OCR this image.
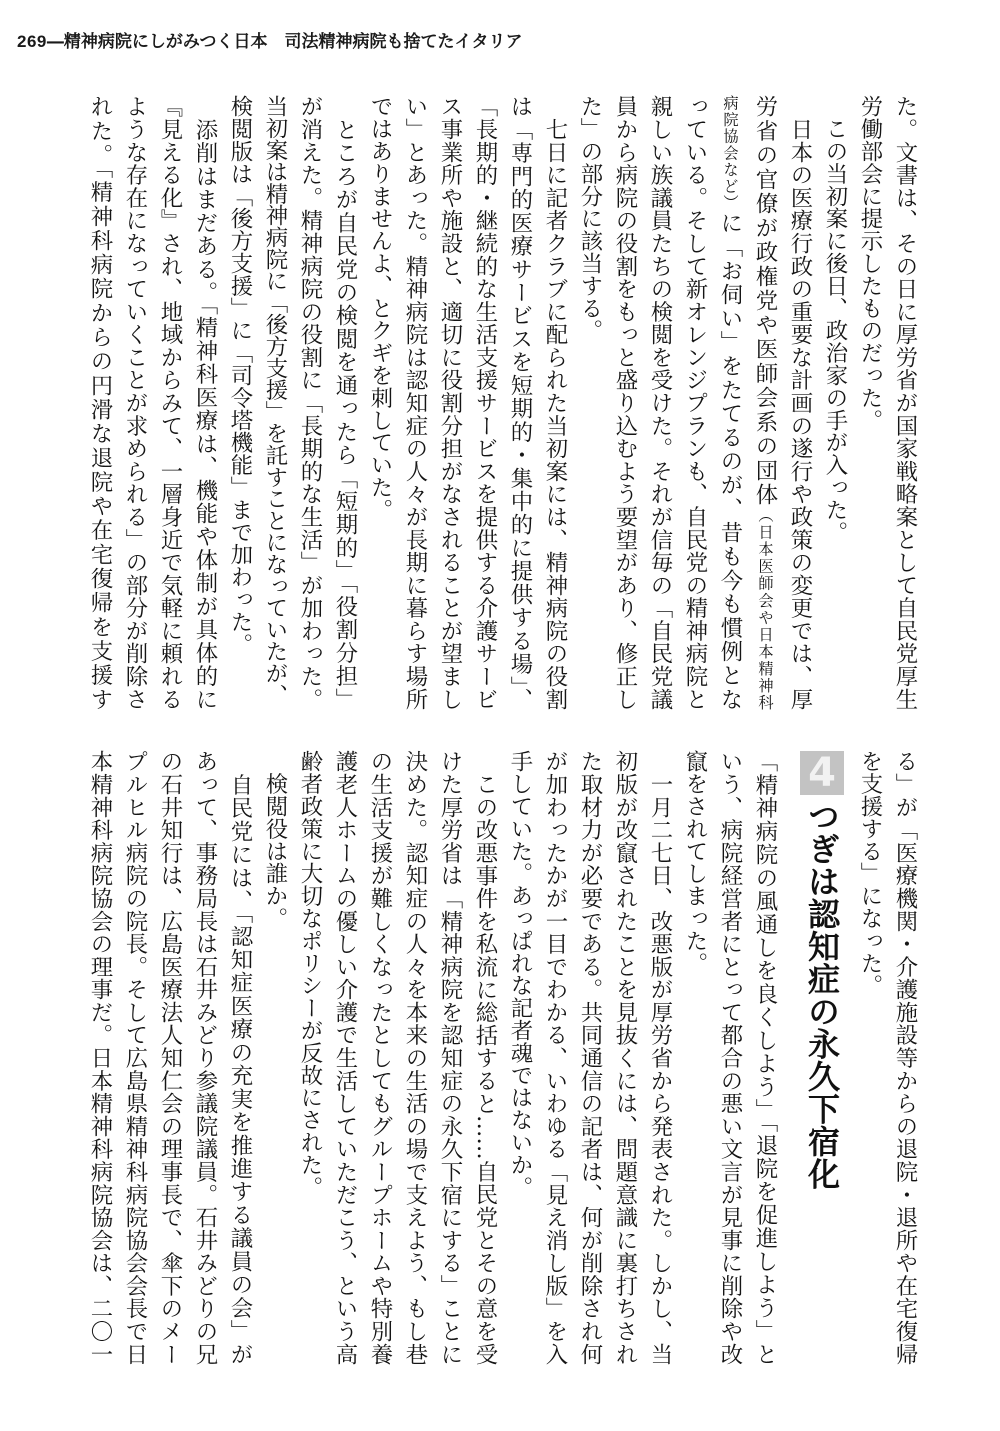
269―精神病院にしがみつく日本　司法精神病院も捨てたイタリア
た。文書は、その日に厚労省が国家戦略案として自民党厚生
労働部会に提示したものだった。
　この当初案に後日、政治家の手が入った。
　日本の医療行政の重要な計画の遂行や政策の変更では、厚
労省の官僚が政権党や医師会系の団体（日本医師会や日本精神科
病院協会など）に「お伺い」をたてるのが、昔も今も慣例とな
っている。そして新オレンジプランも、自民党の精神病院と
親しい族議員たちの検閲を受けた。それが信毎の「自民党議
員から病院の役割をもっと盛り込むよう要望があり、修正し
た」の部分に該当する。
　七日に記者クラブに配られた当初案には、精神病院の役割
は「専門的医療サービスを短期的・集中的に提供する場」、
「長期的・継続的な生活支援サービスを提供する介護サービ
ス事業所や施設と、適切に役割分担がなされることが望まし
い」とあった。精神病院は認知症の人々が長期に暮らす場所
ではありませんよ、とクギを刺していた。
　ところが自民党の検閲を通ったら「短期的」「役割分担」
が消えた。精神病院の役割に「長期的な生活」が加わった。
当初案は精神病院に「後方支援」を託すことになっていたが、
検閲版は「後方支援」に「司令塔機能」まで加わった。
　添削はまだある。「精神科医療は、機能や体制が具体的に
『見える化』され、地域からみて、一層身近で気軽に頼れる
ような存在になっていくことが求められる」の部分が削除さ
れた。「精神科病院からの円滑な退院や在宅復帰を支援す
る」が「医療機関・介護施設等からの退院・退所や在宅復帰
を支援する」になった。
4
つぎは認知症の永久下宿化
「精神病院の風通しを良くしよう」「退院を促進しよう」と
いう、病院経営者にとって都合の悪い文言が見事に削除や改
竄をされてしまった。
　一月二七日、改悪版が厚労省から発表された。しかし、当
初版が改竄されたことを見抜くには、問題意識に裏打ちされ
た取材力が必要である。共同通信の記者は、何が削除され何
が加わったかが一目でわかる、いわゆる「見え消し版」を入
手していた。あっぱれな記者魂ではないか。
　この改悪事件を私流に総括すると……自民党とその意を受
けた厚労省は「精神病院を認知症の永久下宿にする」ことに
決めた。認知症の人々を本来の生活の場で支えよう、もし巷
の生活支援が難しくなったとしてもグループホームや特別養
護老人ホームの優しい介護で生活していただこう、という高
齢者政策に大切なポリシーが反故にされた。
　検閲役は誰か。
　自民党には、「認知症医療の充実を推進する議員の会」が
あって、事務局長は石井みどり参議院議員。石井みどりの兄
の石井知行は、広島医療法人知仁会の理事長で、傘下のメー
プルヒル病院の院長。そして広島県精神科病院協会会長で日
本精神科病院協会の理事だ。日本精神科病院協会は、二〇一
